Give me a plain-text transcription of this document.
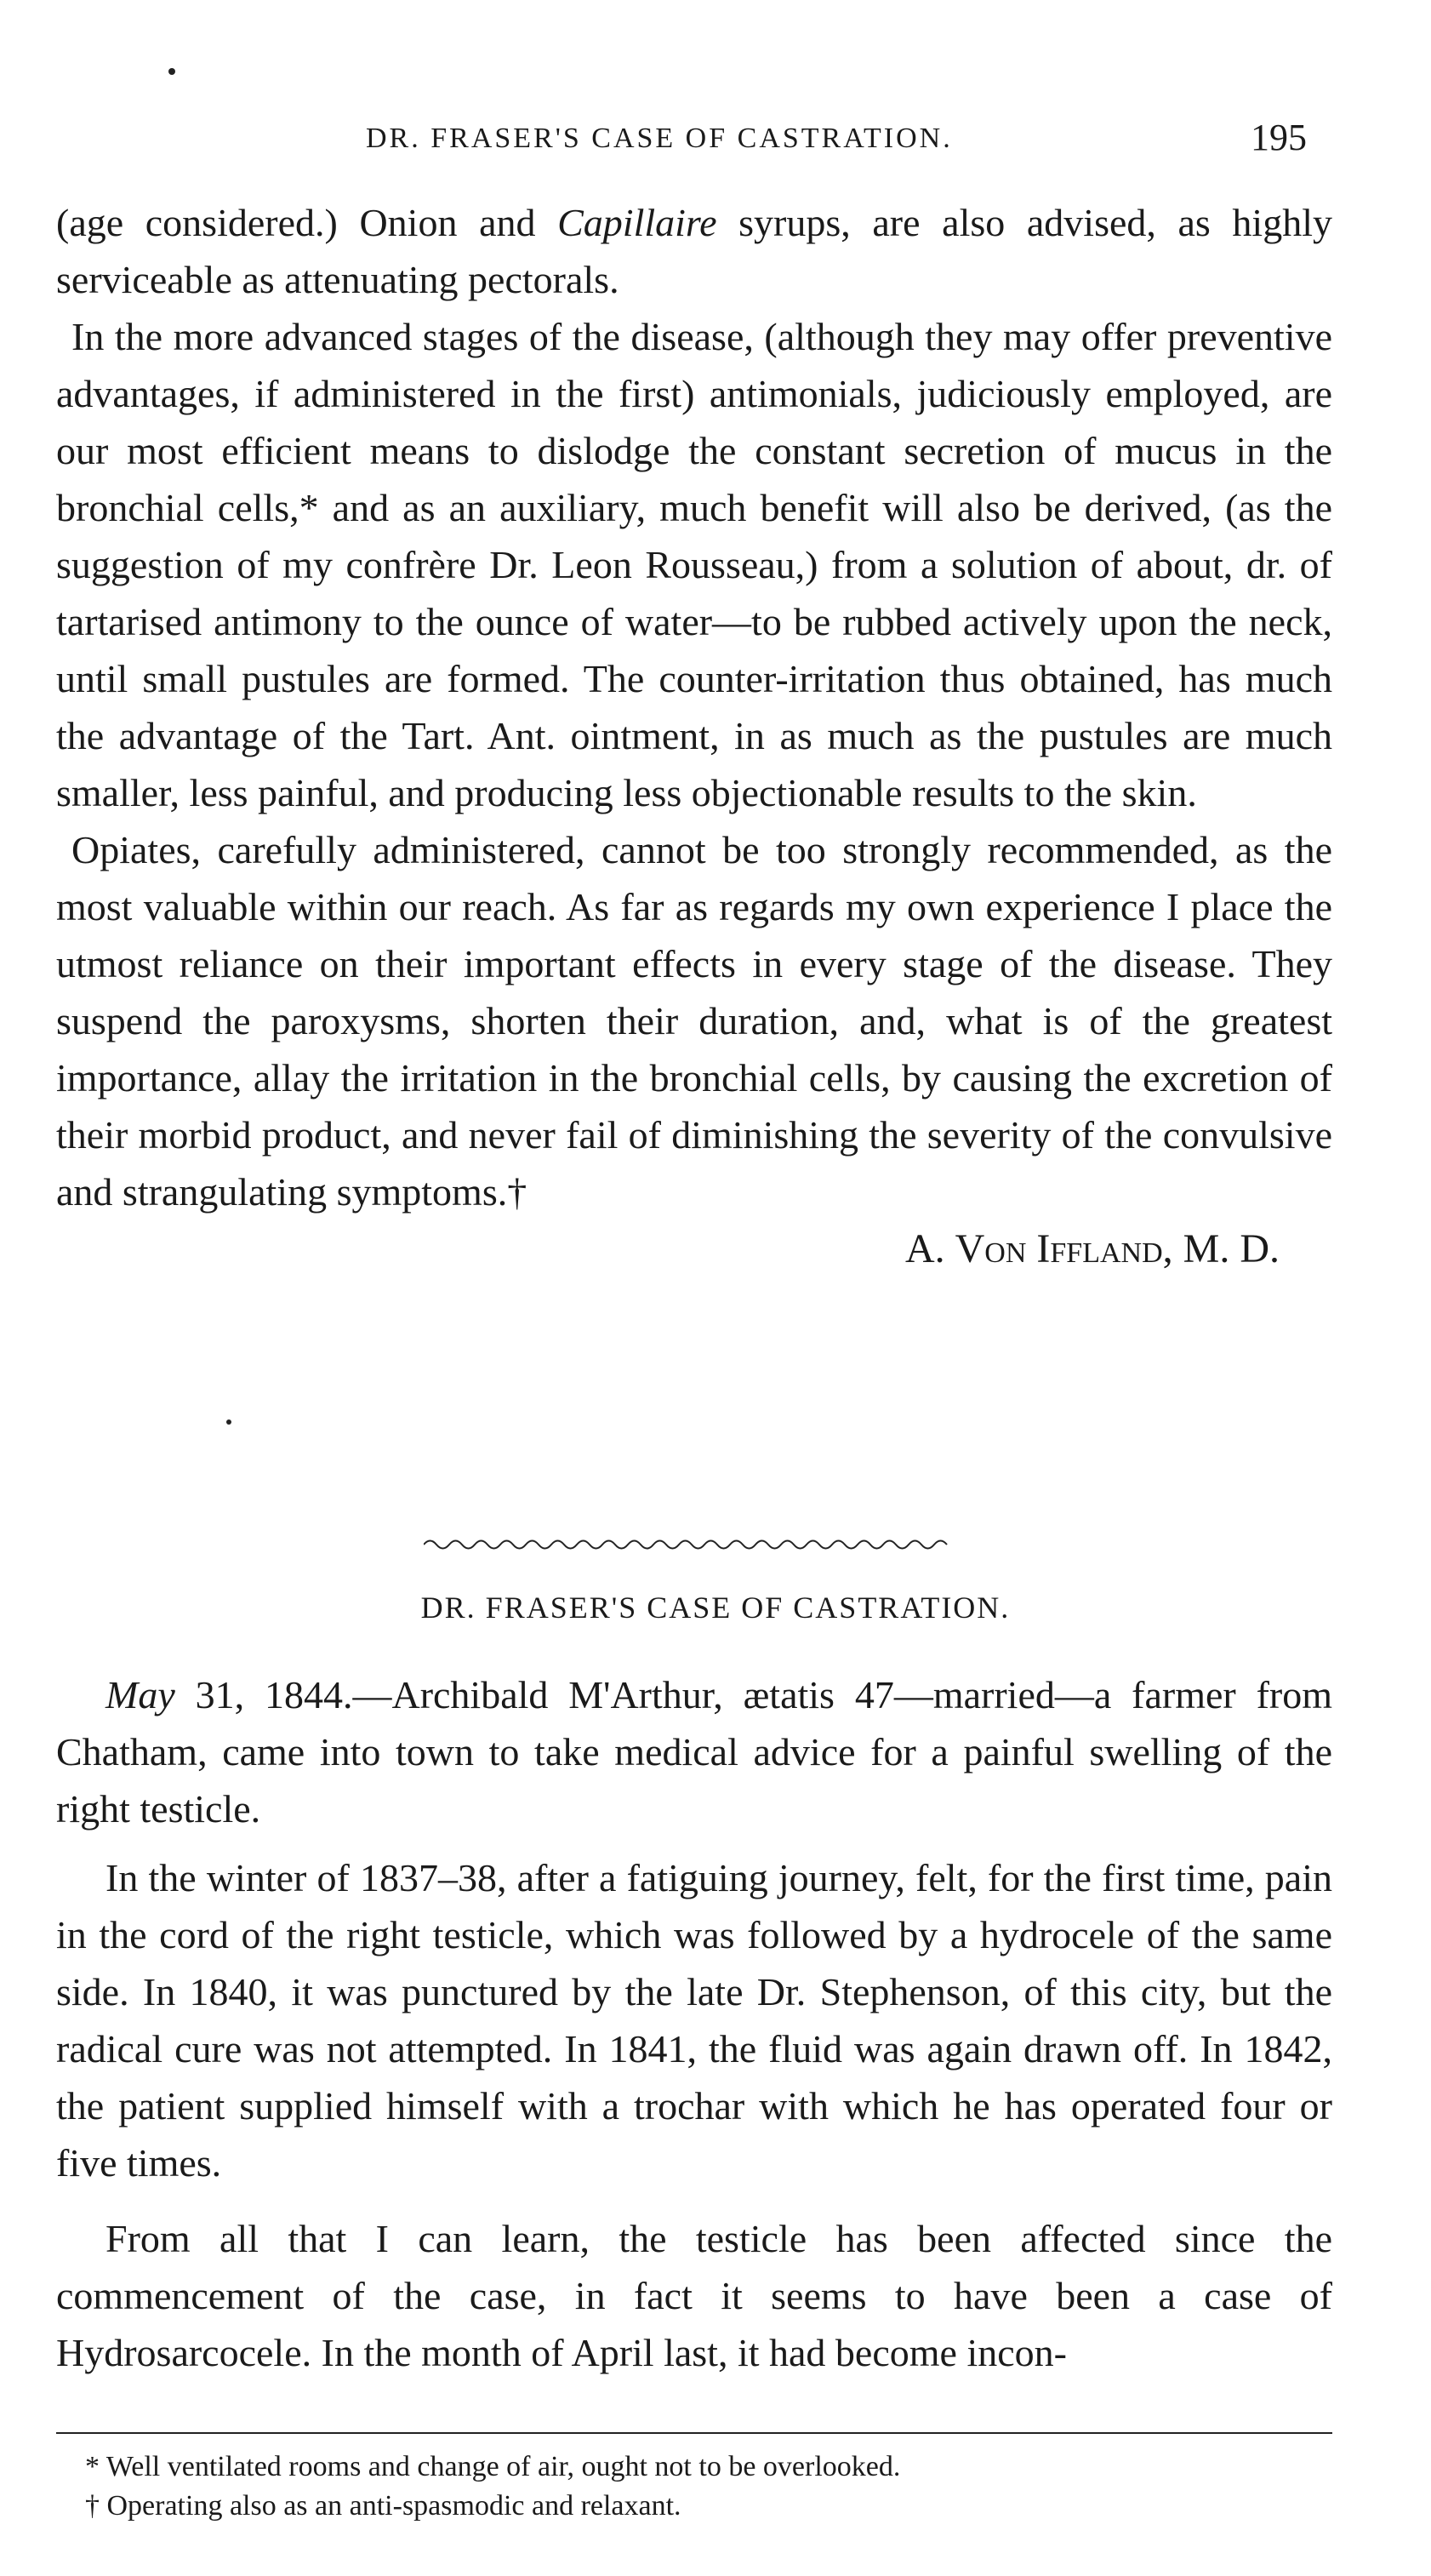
DR. FRASER'S CASE OF CASTRATION.	195

(age considered.) Onion and Capillaire syrups, are also advised, as highly serviceable as attenuating pectorals.

In the more advanced stages of the disease, (although they may offer preventive advantages, if administered in the first) antimonials, judiciously employed, are our most efficient means to dislodge the constant secretion of mucus in the bronchial cells,* and as an auxiliary, much benefit will also be derived, (as the suggestion of my confrère Dr. Leon Rousseau,) from a solution of about, dr. of tartarised antimony to the ounce of water—to be rubbed actively upon the neck, until small pustules are formed. The counter-irritation thus obtained, has much the advantage of the Tart. Ant. ointment, in as much as the pustules are much smaller, less painful, and producing less objectionable results to the skin.

Opiates, carefully administered, cannot be too strongly recommended, as the most valuable within our reach. As far as regards my own experience I place the utmost reliance on their important effects in every stage of the disease. They suspend the paroxysms, shorten their duration, and, what is of the greatest importance, allay the irritation in the bronchial cells, by causing the excretion of their morbid product, and never fail of diminishing the severity of the convulsive and strangulating symptoms.†

A. Von Iffland, M. D.

DR. FRASER'S CASE OF CASTRATION.

May 31, 1844.—Archibald M'Arthur, ætatis 47—married—a farmer from Chatham, came into town to take medical advice for a painful swelling of the right testicle.

In the winter of 1837–38, after a fatiguing journey, felt, for the first time, pain in the cord of the right testicle, which was followed by a hydrocele of the same side. In 1840, it was punctured by the late Dr. Stephenson, of this city, but the radical cure was not attempted. In 1841, the fluid was again drawn off. In 1842, the patient supplied himself with a trochar with which he has operated four or five times.

From all that I can learn, the testicle has been affected since the commencement of the case, in fact it seems to have been a case of Hydrosarcocele. In the month of April last, it had become incon-

* Well ventilated rooms and change of air, ought not to be overlooked.

† Operating also as an anti-spasmodic and relaxant.
